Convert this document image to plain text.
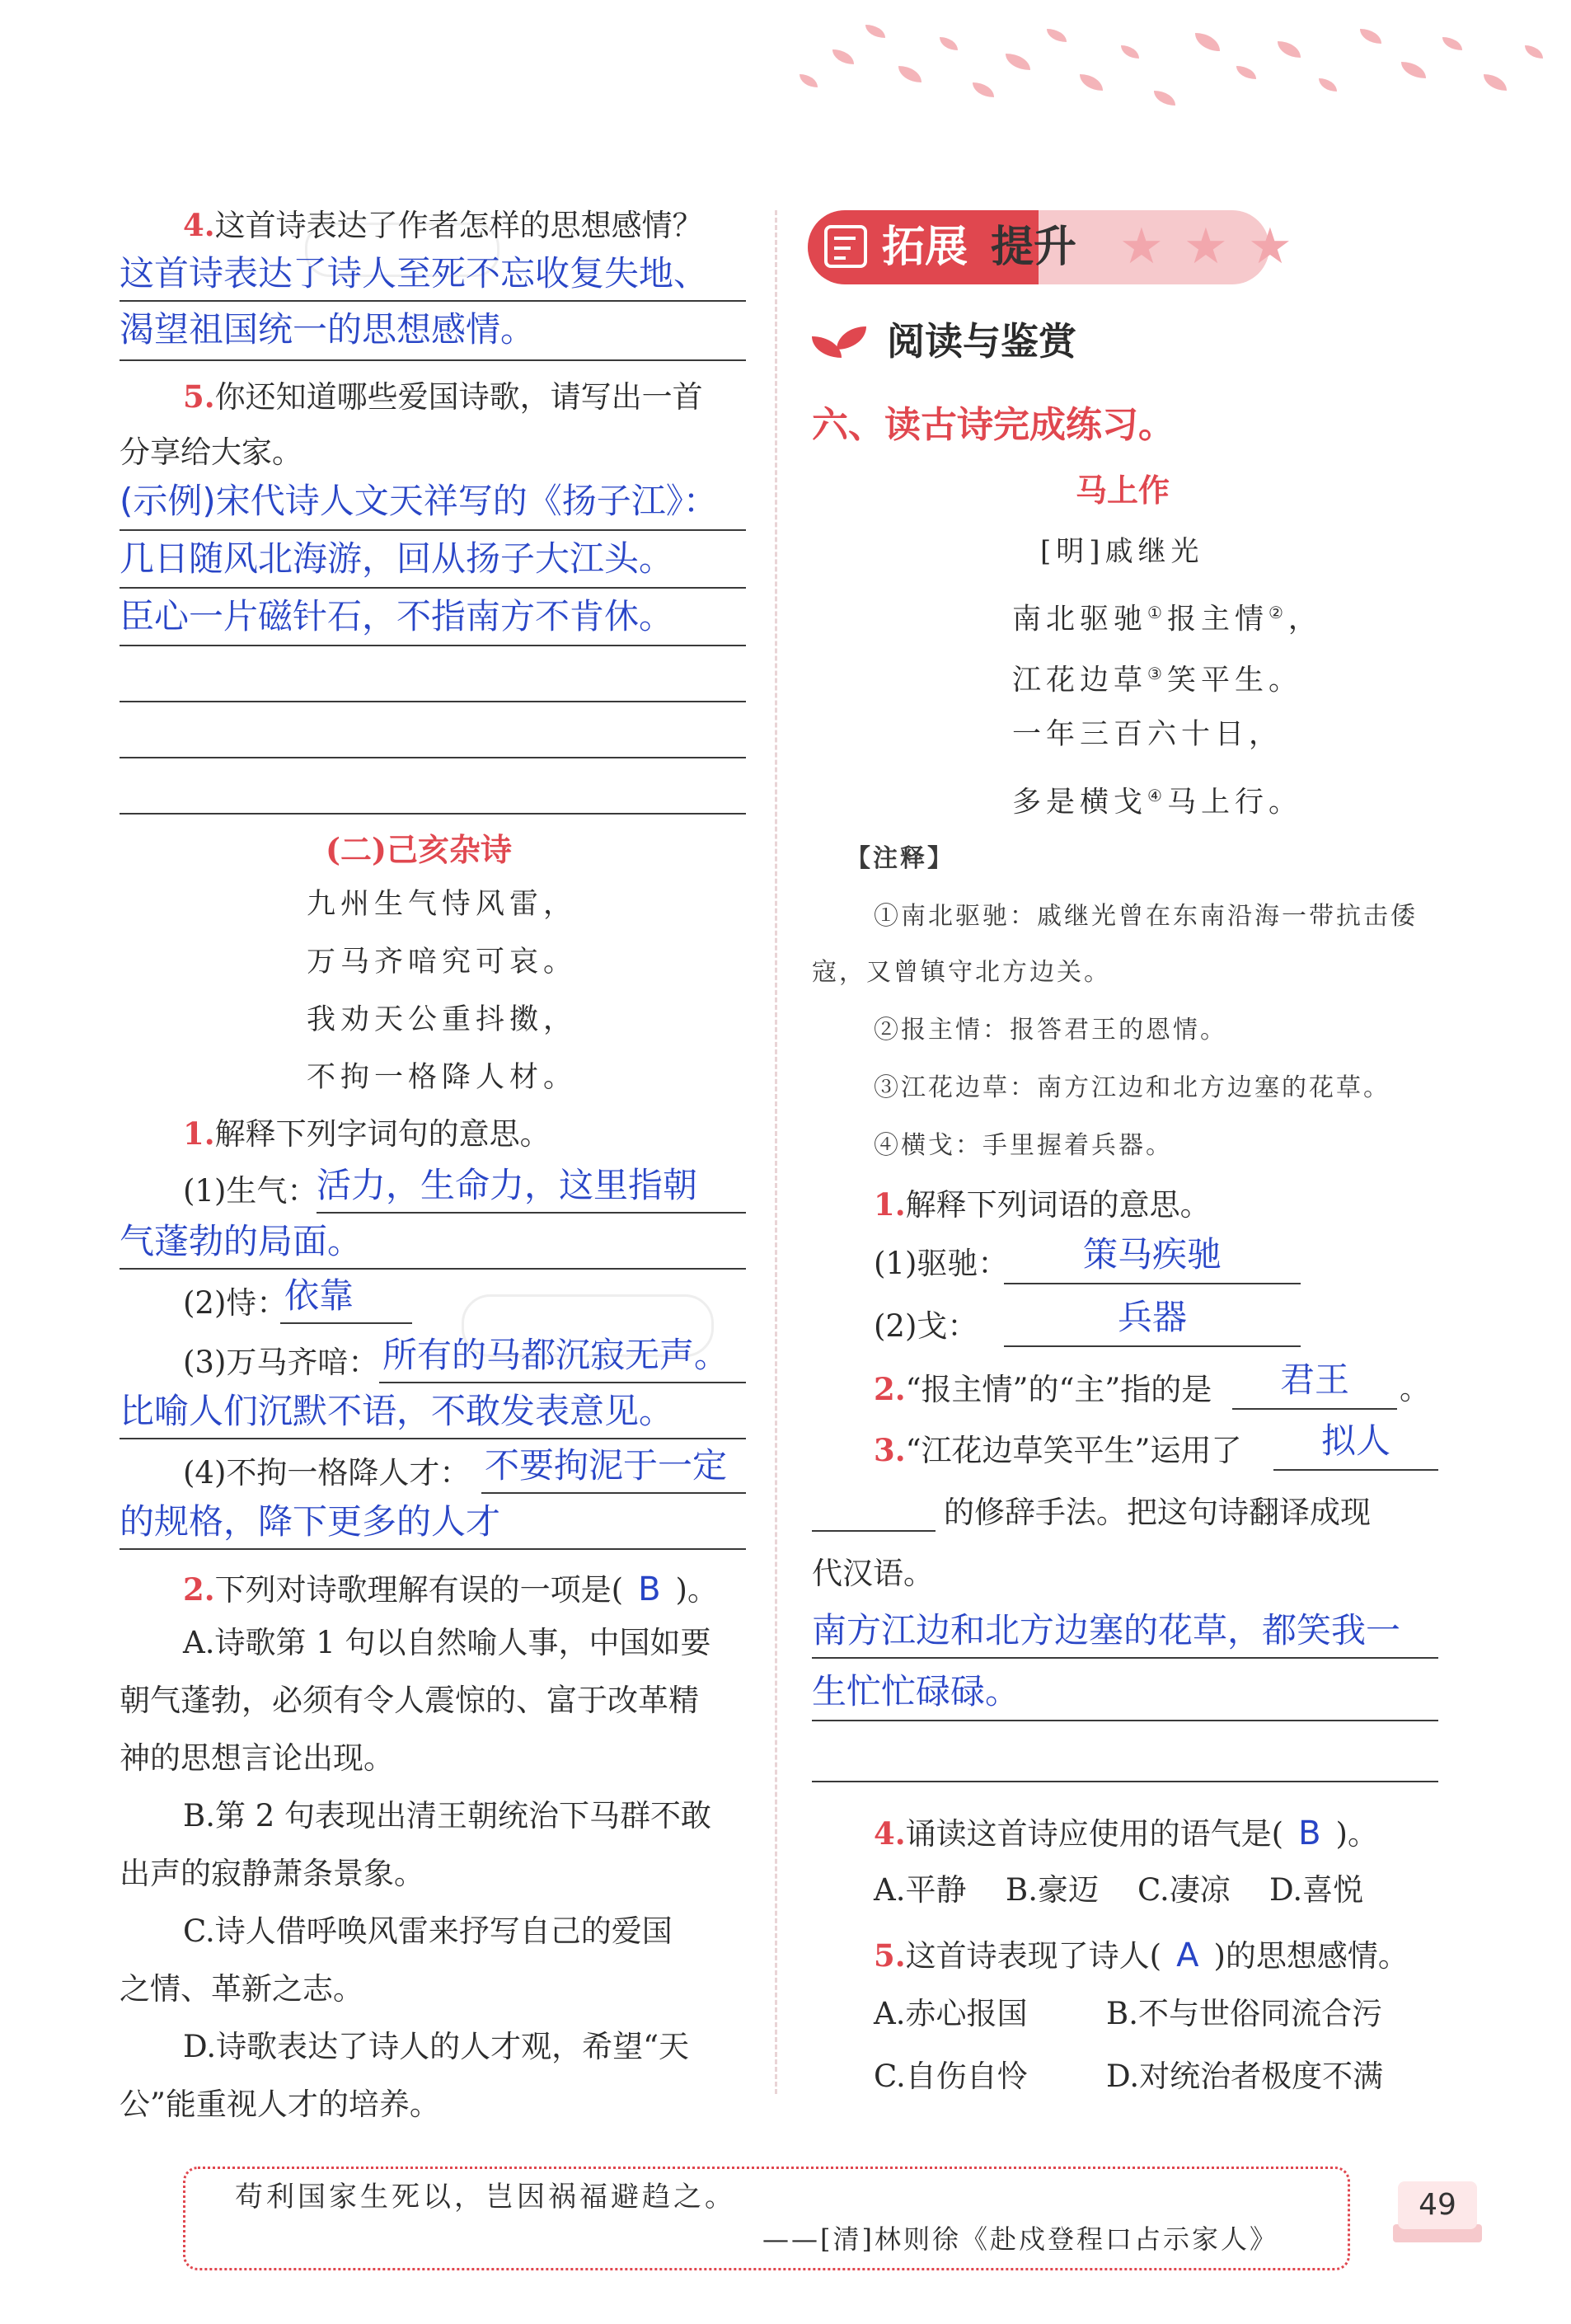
4.这首诗表达了作者怎样的思想感情？
这首诗表达了诗人至死不忘收复失地、
渴望祖国统一的思想感情。
5.你还知道哪些爱国诗歌，请写出一首
分享给大家。
(示例)宋代诗人文天祥写的《扬子江》：
几日随风北海游，回从扬子大江头。
臣心一片磁针石，不指南方不肯休。
(二)己亥杂诗
九州生气恃风雷，
万马齐喑究可哀。
我劝天公重抖擞，
不拘一格降人材。
1.解释下列字词句的意思。
(1)生气：
活力，生命力，这里指朝
气蓬勃的局面。
(2)恃：
依靠
(3)万马齐喑： 所有的马都沉寂无声。
比喻人们沉默不语，不敢发表意见。
(4)不拘一格降人才： 不要拘泥于一定
的规格，降下更多的人才
2.下列对诗歌理解有误的一项是( B )。
A.诗歌第 1 句以自然喻人事，中国如要
朝气蓬勃，必须有令人震惊的、富于改革精
神的思想言论出现。
B.第 2 句表现出清王朝统治下马群不敢
出声的寂静萧条景象。
C.诗人借呼唤风雷来抒写自己的爱国
之情、革新之志。
D.诗歌表达了诗人的人才观，希望“天
公”能重视人才的培养。
拓展 提升 ★ ★ ★
阅读与鉴赏
六、读古诗完成练习。
马上作
[明]戚继光
南北驱驰①报主情②，
江花边草③笑平生。
一年三百六十日，
多是横戈④马上行。
【注释】
①南北驱驰：戚继光曾在东南沿海一带抗击倭
寇，又曾镇守北方边关。
②报主情：报答君王的恩情。
③江花边草：南方江边和北方边塞的花草。
④横戈：手里握着兵器。
1.解释下列词语的意思。
(1)驱驰：	策马疾驰
(2)戈：	兵器
2.“报主情”的“主”指的是	君王	。
3.“江花边草笑平生”运用了	拟人
的修辞手法。把这句诗翻译成现
代汉语。
南方江边和北方边塞的花草，都笑我一
生忙忙碌碌。
4.诵读这首诗应使用的语气是( B )。
A.平静 B.豪迈 C.凄凉 D.喜悦
5.这首诗表现了诗人( A )的思想感情。
A.赤心报国	B.不与世俗同流合污
C.自伤自怜	D.对统治者极度不满
苟利国家生死以，岂因祸福避趋之。
——[清]林则徐《赴戍登程口占示家人》
49
